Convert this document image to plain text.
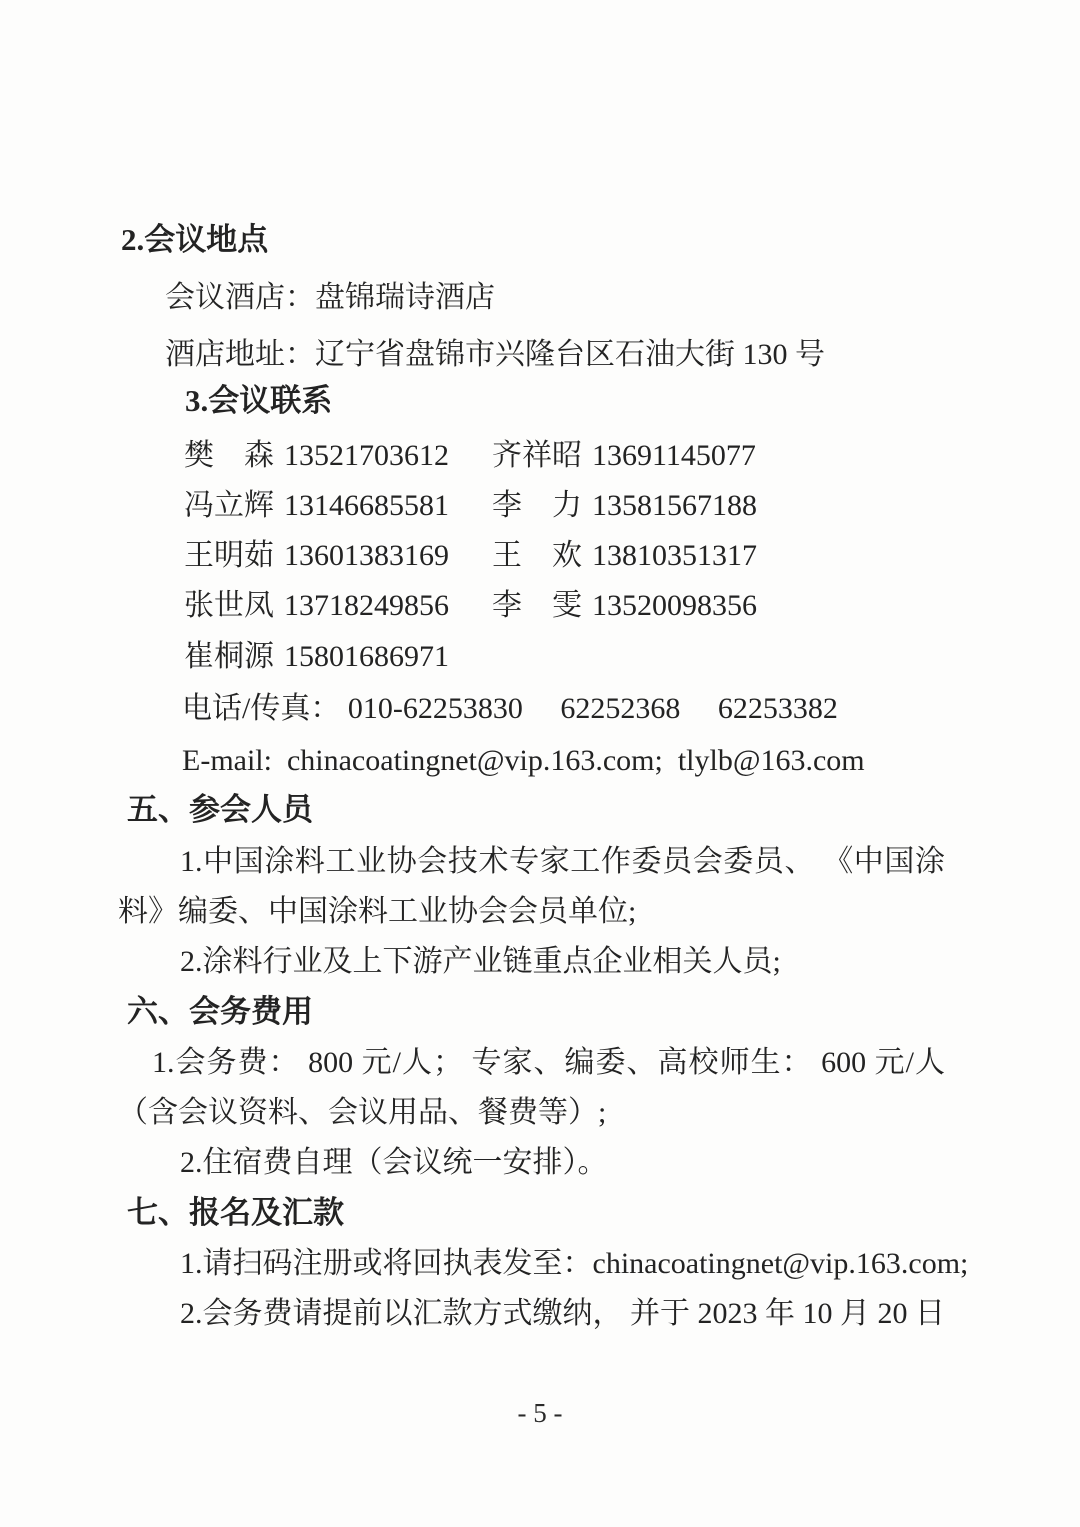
2.会议地点
会议酒店：盘锦瑞诗酒店
酒店地址：辽宁省盘锦市兴隆台区石油大街 130 号
3.会议联系
樊　森 13521703612	齐祥昭 13691145077
冯立辉 13146685581	李　力 13581567188
王明茹 13601383169	王　欢 13810351317
张世凤 13718249856	李　雯 13520098356
崔桐源 15801686971
电话/传真： 010-62253830　 62252368　 62253382
E-mail:  chinacoatingnet@vip.163.com;  tlylb@163.com
五、参会人员
1.中国涂料工业协会技术专家工作委员会委员、 《中国涂
料》编委、中国涂料工业协会会员单位;
2.涂料行业及上下游产业链重点企业相关人员;
六、会务费用
1.会务费： 800 元/人； 专家、编委、高校师生： 600 元/人
（含会议资料、会议用品、餐费等）;
2.住宿费自理（会议统一安排）。
七、报名及汇款
1.请扫码注册或将回执表发至：chinacoatingnet@vip.163.com;
2.会务费请提前以汇款方式缴纳， 并于 2023 年 10 月 20 日
- 5 -
